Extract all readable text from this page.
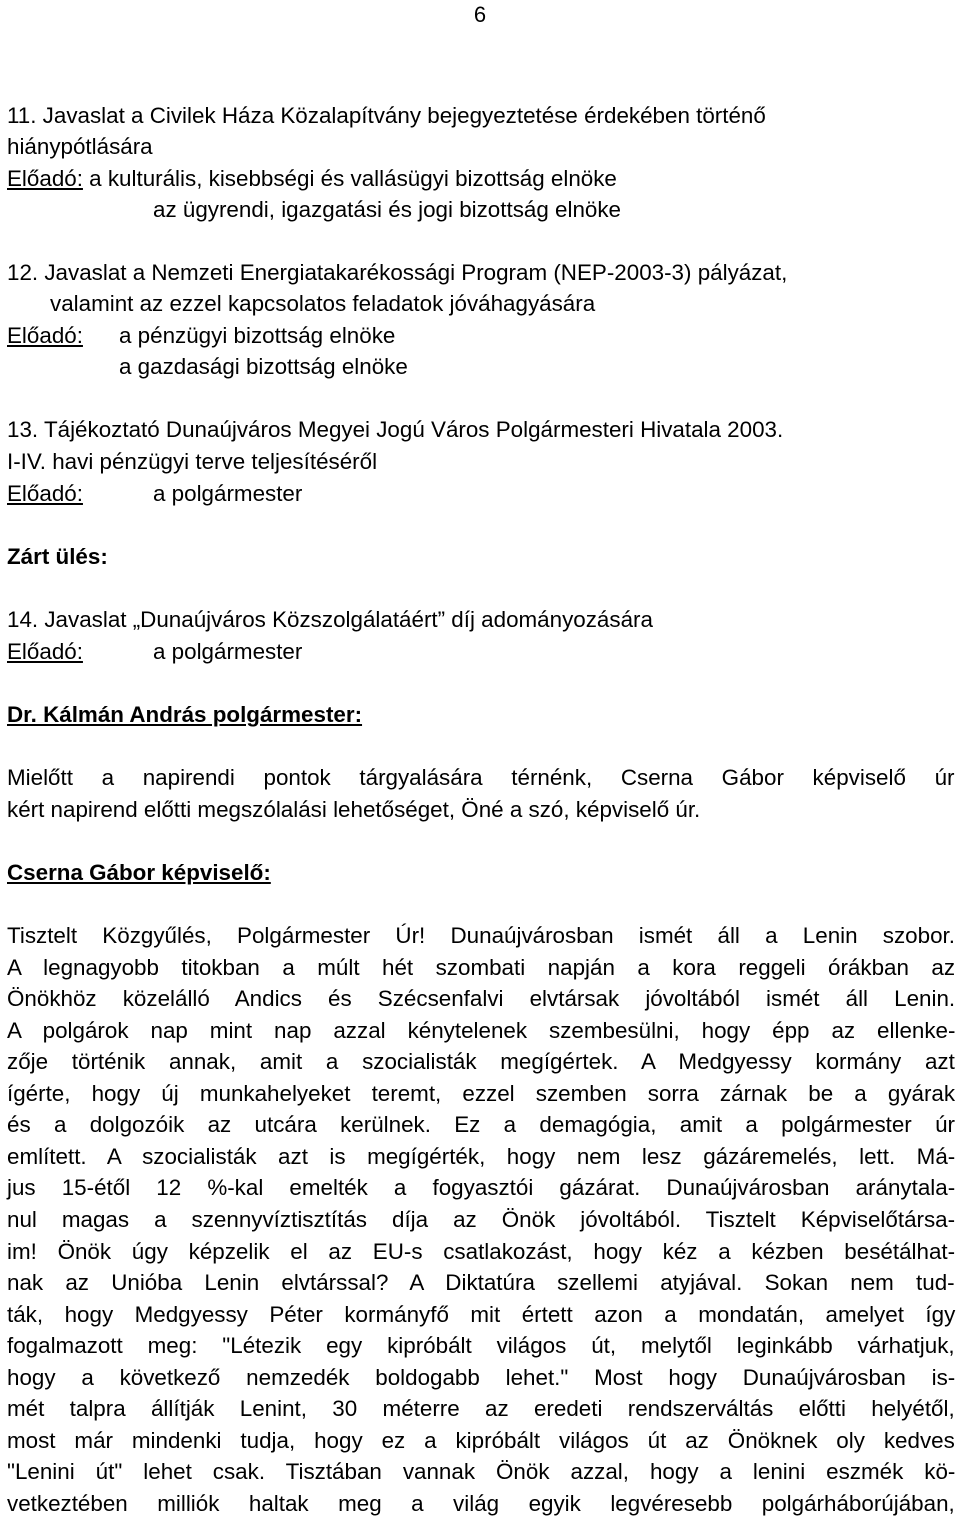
6
11. Javaslat a Civilek Háza Közalapítvány bejegyeztetése érdekében történő
hiánypótlására
Előadó: a kulturális, kisebbségi és vallásügyi bizottság elnöke
az ügyrendi, igazgatási és jogi bizottság elnöke
12. Javaslat a Nemzeti Energiatakarékossági Program (NEP-2003-3) pályázat,
valamint az ezzel kapcsolatos feladatok jóváhagyására
Előadó: a pénzügyi bizottság elnöke
a gazdasági bizottság elnöke
13. Tájékoztató Dunaújváros Megyei Jogú Város Polgármesteri Hivatala 2003.
I-IV. havi pénzügyi terve teljesítéséről
Előadó:	a polgármester
Zárt ülés:
14. Javaslat „Dunaújváros Közszolgálatáért” díj adományozására
Előadó:	a polgármester
Dr. Kálmán András polgármester:
Mielőtt a napirendi pontok tárgyalására térnénk, Cserna Gábor képviselő úr
kért napirend előtti megszólalási lehetőséget, Öné a szó, képviselő úr.
Cserna Gábor képviselő:
Tisztelt Közgyűlés, Polgármester Úr! Dunaújvárosban ismét áll a Lenin szobor.
A legnagyobb titokban a múlt hét szombati napján a kora reggeli órákban az
Önökhöz közelálló Andics és Szécsenfalvi elvtársak jóvoltából ismét áll Lenin.
A polgárok nap mint nap azzal kénytelenek szembesülni, hogy épp az ellenke-
zője történik annak, amit a szocialisták megígértek. A Medgyessy kormány azt
ígérte, hogy új munkahelyeket teremt, ezzel szemben sorra zárnak be a gyárak
és a dolgozóik az utcára kerülnek. Ez a demagógia, amit a polgármester úr
említett. A szocialisták azt is megígérték, hogy nem lesz gázáremelés, lett. Má-
jus 15-étől 12 %-kal emelték a fogyasztói gázárat. Dunaújvárosban aránytala-
nul magas a szennyvíztisztítás díja az Önök jóvoltából. Tisztelt Képviselőtársa-
im! Önök úgy képzelik el az EU-s csatlakozást, hogy kéz a kézben besétálhat-
nak az Unióba Lenin elvtárssal? A Diktatúra szellemi atyjával. Sokan nem tud-
ták, hogy Medgyessy Péter kormányfő mit értett azon a mondatán, amelyet így
fogalmazott meg: "Létezik egy kipróbált világos út, melytől leginkább várhatjuk,
hogy a következő nemzedék boldogabb lehet." Most hogy Dunaújvárosban is-
mét talpra állítják Lenint, 30 méterre az eredeti rendszerváltás előtti helyétől,
most már mindenki tudja, hogy ez a kipróbált világos út az Önöknek oly kedves
"Lenini út" lehet csak. Tisztában vannak Önök azzal, hogy a lenini eszmék kö-
vetkeztében milliók haltak meg a világ egyik legvéresebb polgárháborújában,
